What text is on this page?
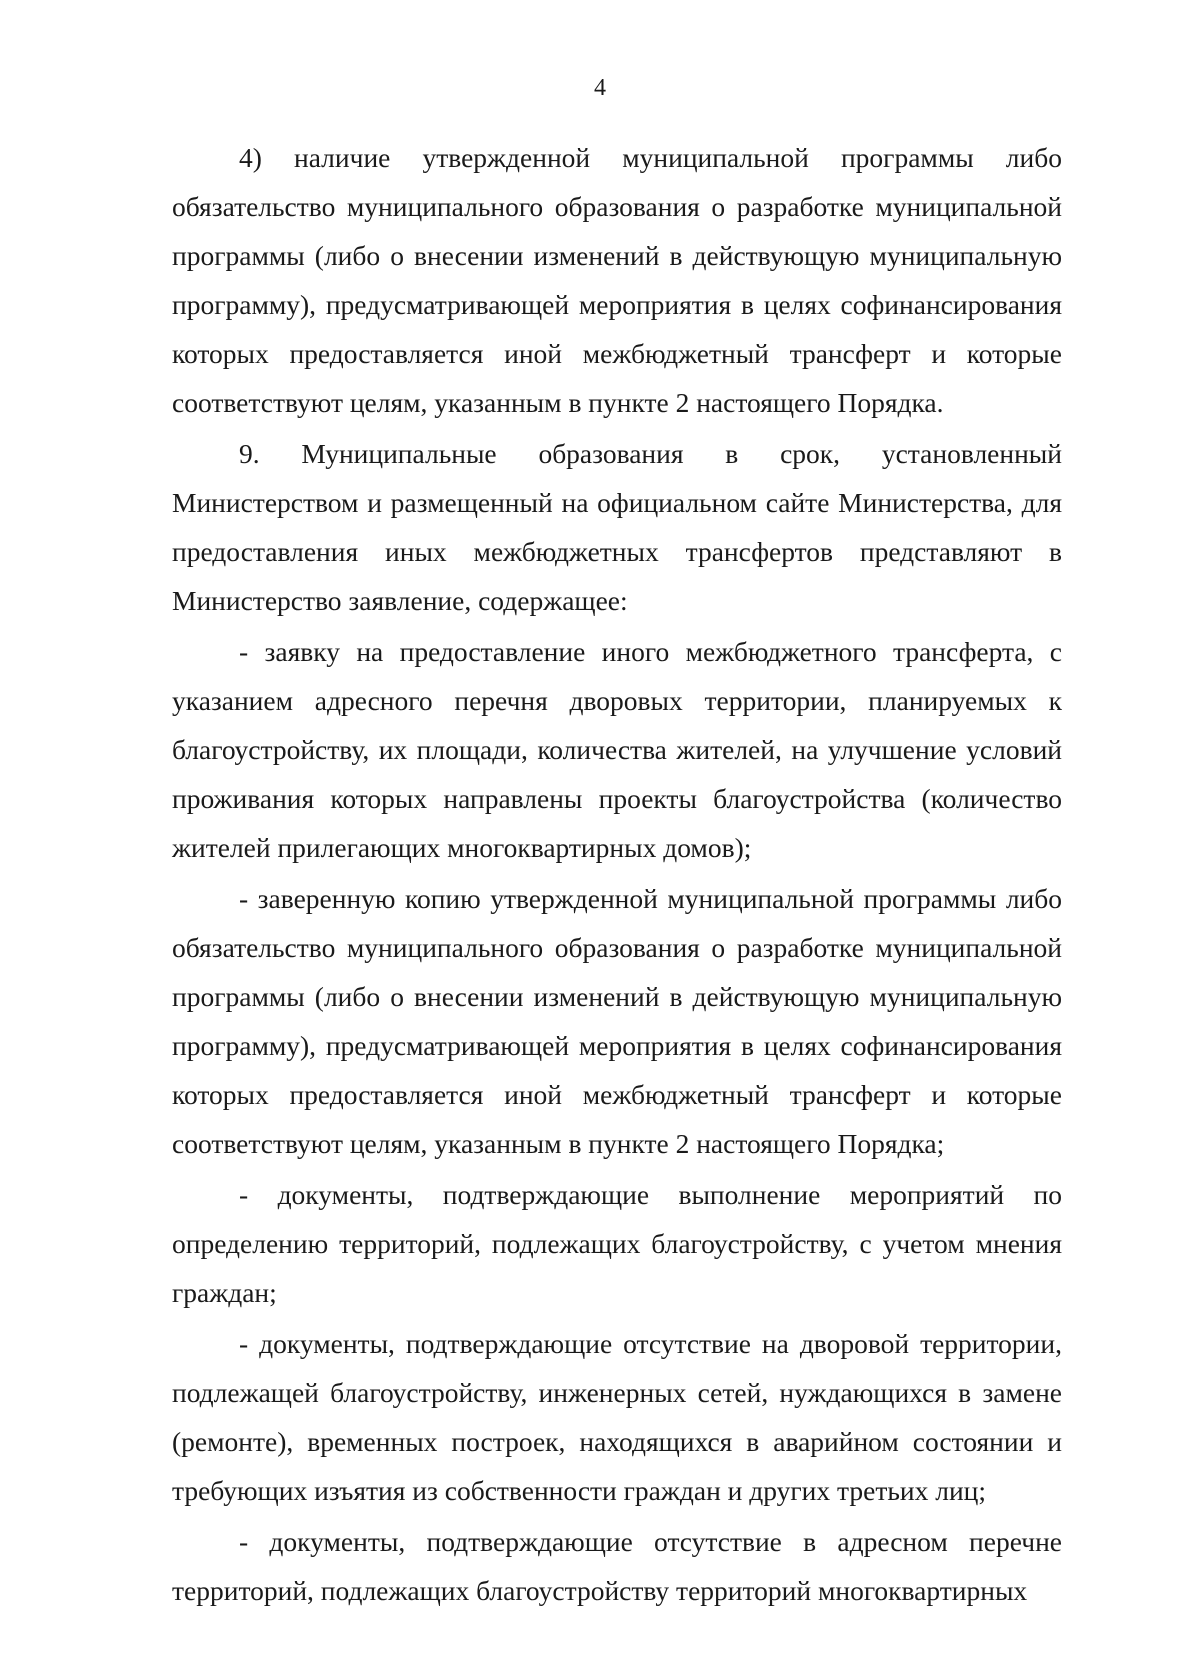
4

4) наличие утвержденной муниципальной программы либо обязательство муниципального образования о разработке муниципальной программы (либо о внесении изменений в действующую муниципальную программу), предусматривающей мероприятия в целях софинансирования которых предоставляется иной межбюджетный трансферт и которые соответствуют целям, указанным в пункте 2 настоящего Порядка.

9. Муниципальные образования в срок, установленный Министерством и размещенный на официальном сайте Министерства, для предоставления иных межбюджетных трансфертов представляют в Министерство заявление, содержащее:

- заявку на предоставление иного межбюджетного трансферта, с указанием адресного перечня дворовых территории, планируемых к благоустройству, их площади, количества жителей, на улучшение условий проживания которых направлены проекты благоустройства (количество жителей прилегающих многоквартирных домов);

- заверенную копию утвержденной муниципальной программы либо обязательство муниципального образования о разработке муниципальной программы (либо о внесении изменений в действующую муниципальную программу), предусматривающей мероприятия в целях софинансирования которых предоставляется иной межбюджетный трансферт и которые соответствуют целям, указанным в пункте 2 настоящего Порядка;

- документы, подтверждающие выполнение мероприятий по определению территорий, подлежащих благоустройству, с учетом мнения граждан;

- документы, подтверждающие отсутствие на дворовой территории, подлежащей благоустройству, инженерных сетей, нуждающихся в замене (ремонте), временных построек, находящихся в аварийном состоянии и требующих изъятия из собственности граждан и других третьих лиц;

- документы, подтверждающие отсутствие в адресном перечне территорий, подлежащих благоустройству территорий многоквартирных
